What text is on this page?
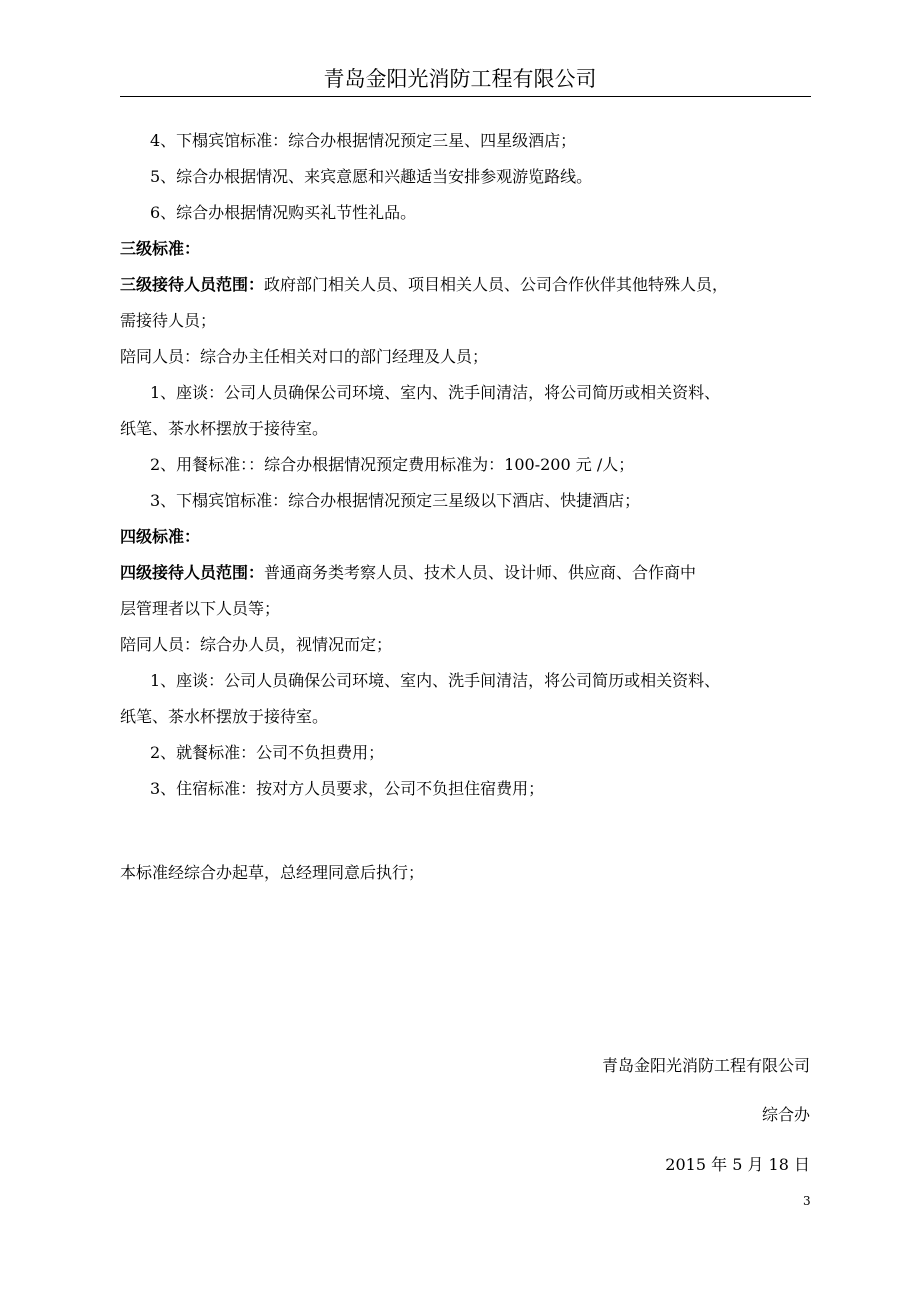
青岛金阳光消防工程有限公司
4、下榻宾馆标准：综合办根据情况预定三星、四星级酒店；
5、综合办根据情况、来宾意愿和兴趣适当安排参观游览路线。
6、综合办根据情况购买礼节性礼品。
三级标准：
三级接待人员范围：政府部门相关人员、项目相关人员、公司合作伙伴其他特殊人员，
需接待人员；
陪同人员：综合办主任相关对口的部门经理及人员；
1、座谈：公司人员确保公司环境、室内、洗手间清洁，将公司简历或相关资料、
纸笔、茶水杯摆放于接待室。
2、用餐标准：：综合办根据情况预定费用标准为：100-200 元 /人；
3、下榻宾馆标准：综合办根据情况预定三星级以下酒店、快捷酒店；
四级标准：
四级接待人员范围：普通商务类考察人员、技术人员、设计师、供应商、合作商中
层管理者以下人员等；
陪同人员：综合办人员，视情况而定；
1、座谈：公司人员确保公司环境、室内、洗手间清洁，将公司简历或相关资料、
纸笔、茶水杯摆放于接待室。
2、就餐标准：公司不负担费用；
3、住宿标准：按对方人员要求，公司不负担住宿费用；
本标准经综合办起草，总经理同意后执行；
青岛金阳光消防工程有限公司
综合办
2015 年 5 月 18 日
3
